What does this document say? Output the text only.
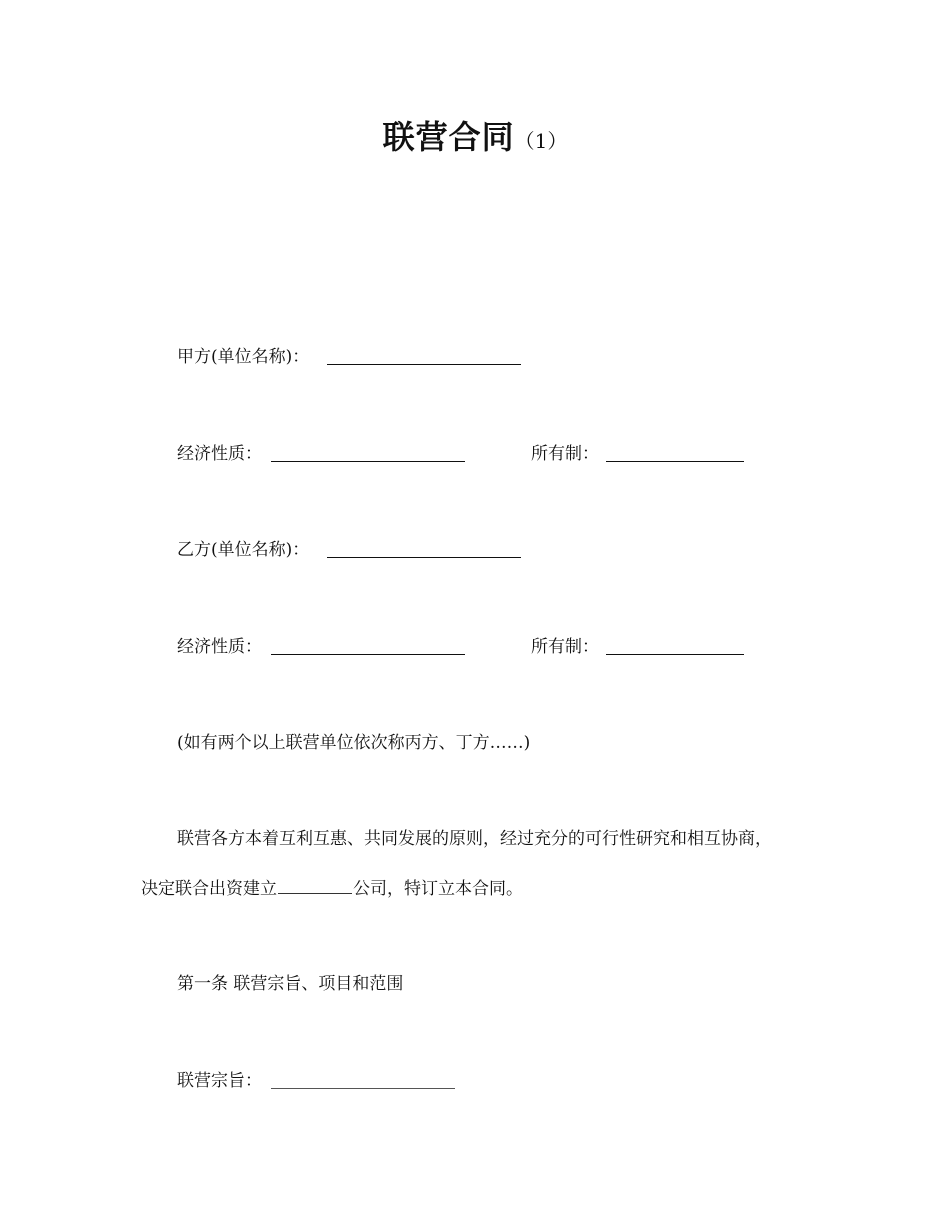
联营合同（1）
甲方(单位名称)：
经济性质：	所有制：
乙方(单位名称)：
经济性质：	所有制：
(如有两个以上联营单位依次称丙方、丁方……)
联营各方本着互利互惠、共同发展的原则，经过充分的可行性研究和相互协商，
决定联合出资建立	公司，特订立本合同。
第一条 联营宗旨、项目和范围
联营宗旨：
